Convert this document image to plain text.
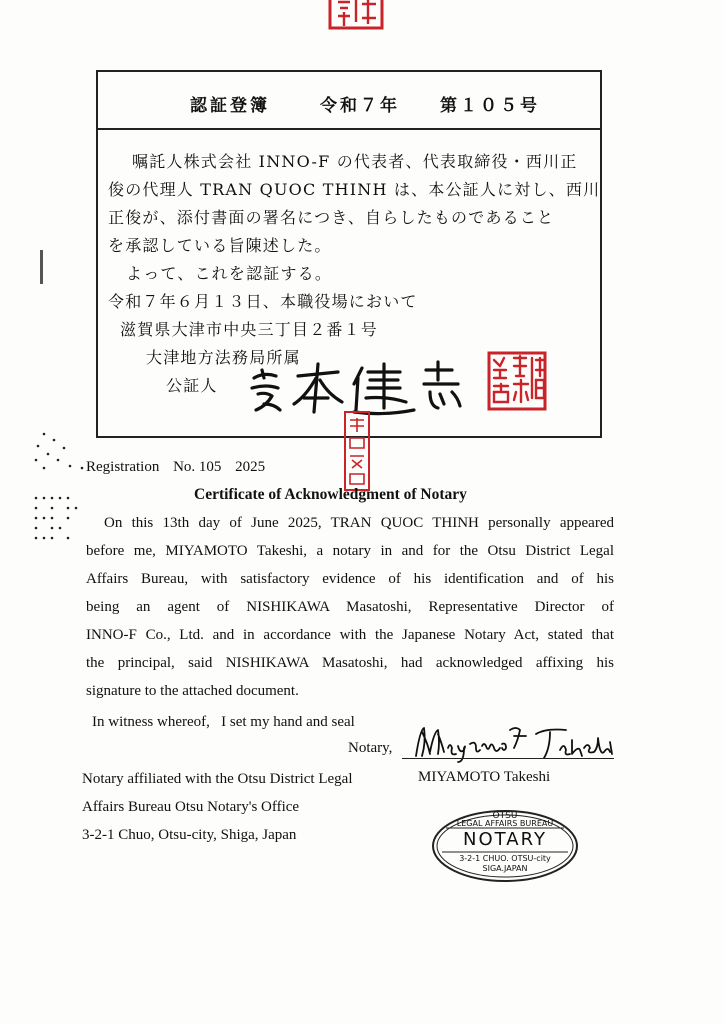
認証登簿	令和７年 第１０５号
嘱託人株式会社 INNO-F の代表者、代表取締役・西川正
俊の代理人 TRAN QUOC THINH は、本公証人に対し、西川
正俊が、添付書面の署名につき、自らしたものであること
を承認している旨陳述した。
よって、これを認証する。
令和７年６月１３日、本職役場において
滋賀県大津市中央三丁目２番１号
大津地方法務局所属
公証人
Registration No. 105 2025
Certificate of Acknowledgment of Notary
On this 13th day of June 2025, TRAN QUOC THINH personally appeared
before me, MIYAMOTO Takeshi, a notary in and for the Otsu District Legal
Affairs Bureau, with satisfactory evidence of his identification and of his
being an agent of NISHIKAWA Masatoshi, Representative Director of
INNO-F Co., Ltd. and in accordance with the Japanese Notary Act, stated that
the principal, said NISHIKAWA Masatoshi, had acknowledged affixing his
signature to the attached document.
In witness whereof,   I set my hand and seal
Notary,
MIYAMOTO Takeshi
Notary affiliated with the Otsu District Legal
Affairs Bureau Otsu Notary's Office
3-2-1 Chuo, Otsu-city, Shiga, Japan
OTSU
LEGAL AFFAIRS BUREAU
NOTARY
3-2-1 CHUO. OTSU-city
SIGA.JAPAN
